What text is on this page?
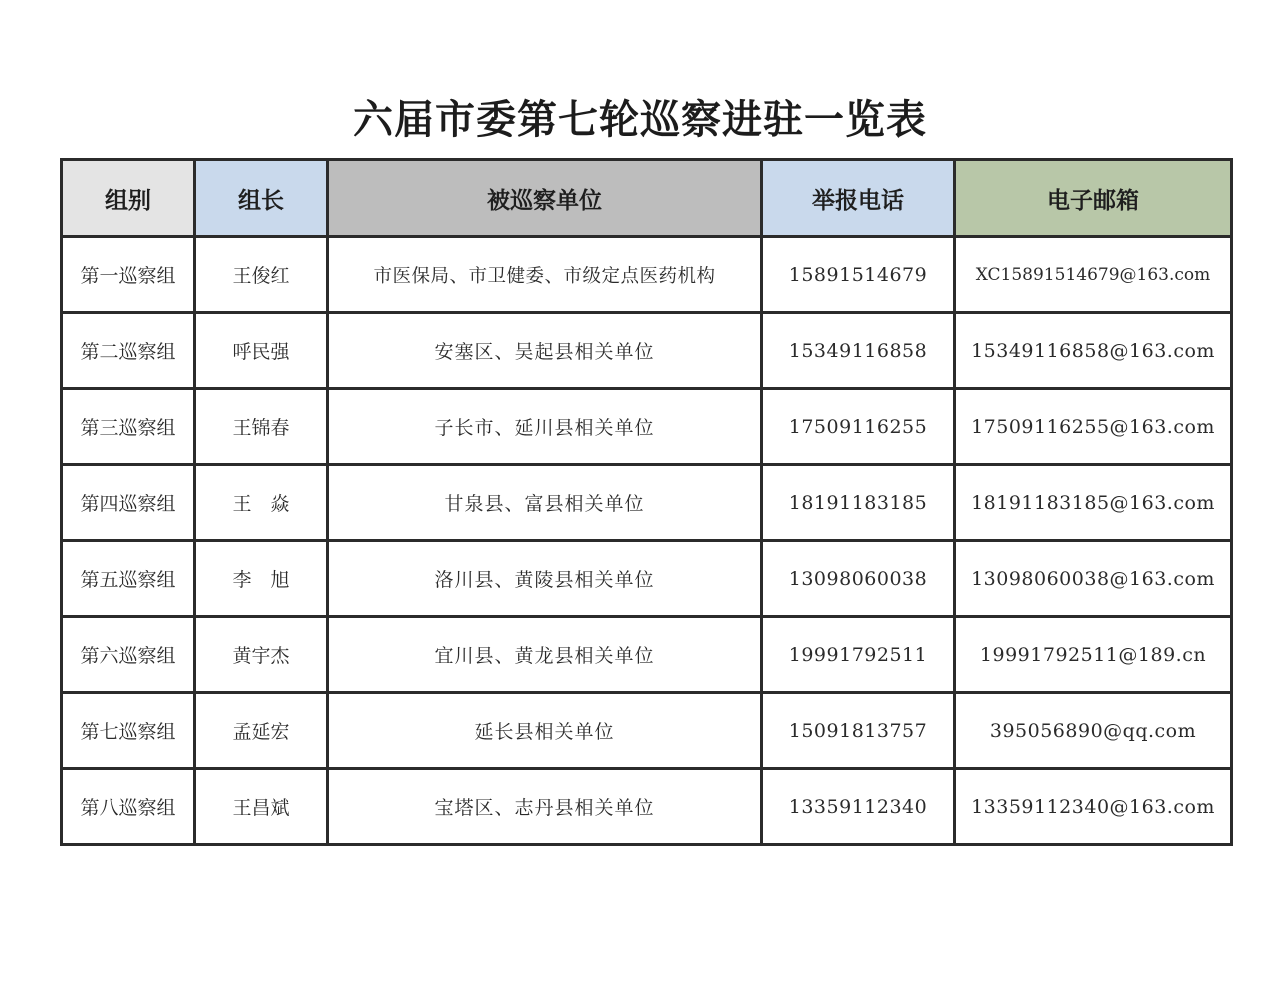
六届市委第七轮巡察进驻一览表
组别	组长	被巡察单位	举报电话	电子邮箱
第一巡察组	王俊红	市医保局、市卫健委、市级定点医药机构	15891514679	XC15891514679@163.com
第二巡察组	呼民强	安塞区、吴起县相关单位	15349116858	15349116858@163.com
第三巡察组	王锦春	子长市、延川县相关单位	17509116255	17509116255@163.com
第四巡察组	王　焱	甘泉县、富县相关单位	18191183185	18191183185@163.com
第五巡察组	李　旭	洛川县、黄陵县相关单位	13098060038	13098060038@163.com
第六巡察组	黄宇杰	宜川县、黄龙县相关单位	19991792511	19991792511@189.cn
第七巡察组	孟延宏	延长县相关单位	15091813757	395056890@qq.com
第八巡察组	王昌斌	宝塔区、志丹县相关单位	13359112340	13359112340@163.com
